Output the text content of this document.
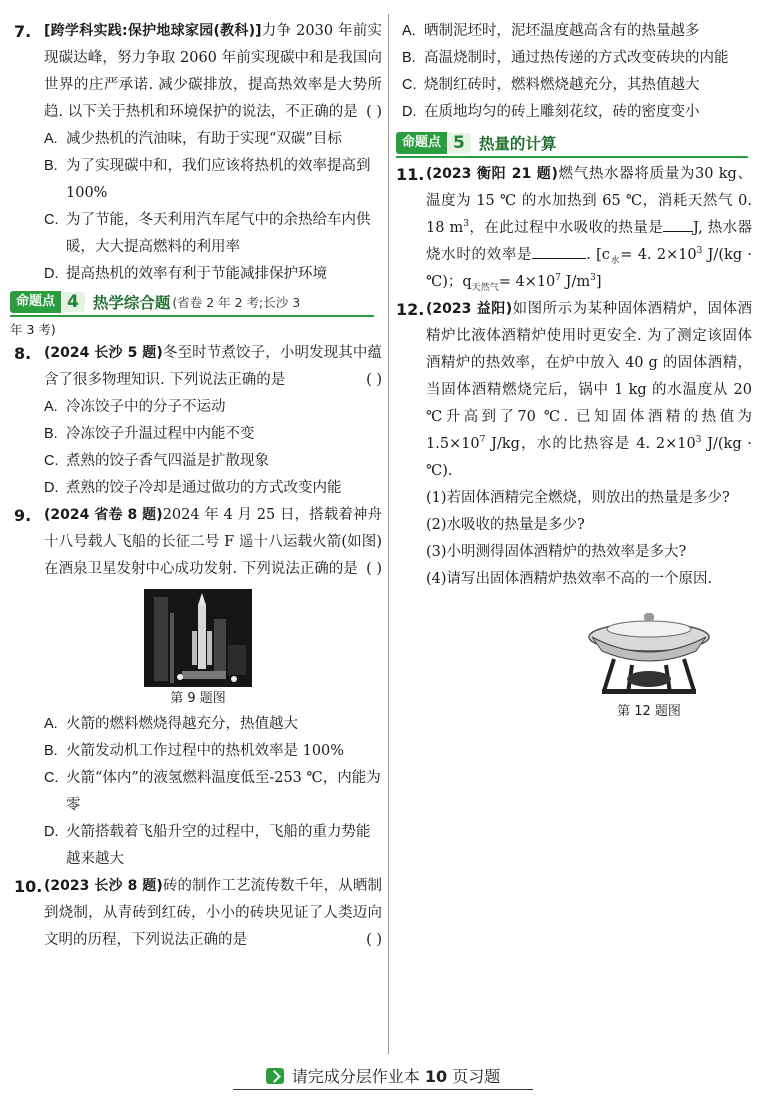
7. [跨学科实践:保护地球家园(教科)]力争 2030 年前实现碳达峰，努力争取 2060 年前实现碳中和是我国向世界的庄严承诺. 减少碳排放，提高热效率是大势所趋. 以下关于热机和环境保护的说法，不正确的是 ( )
A. 减少热机的汽油味，有助于实现“双碳”目标
B. 为了实现碳中和，我们应该将热机的效率提高到 100%
C. 为了节能，冬天利用汽车尾气中的余热给车内供暖，大大提高燃料的利用率
D. 提高热机的效率有利于节能减排保护环境
命题点 4 热学综合题 (省卷 2 年 2 考;长沙 3
年 3 考)
8. (2024 长沙 5 题)冬至时节煮饺子，小明发现其中蕴含了很多物理知识. 下列说法正确的是	( )
A. 冷冻饺子中的分子不运动
B. 冷冻饺子升温过程中内能不变
C. 煮熟的饺子香气四溢是扩散现象
D. 煮熟的饺子冷却是通过做功的方式改变内能
9. (2024 省卷 8 题)2024 年 4 月 25 日，搭载着神舟十八号载人飞船的长征二号 F 遥十八运载火箭(如图)在酒泉卫星发射中心成功发射. 下列说法正确的是 ( )
第 9 题图
A. 火箭的燃料燃烧得越充分，热值越大
B. 火箭发动机工作过程中的热机效率是 100%
C. 火箭“体内”的液氢燃料温度低至-253 ℃，内能为零
D. 火箭搭载着飞船升空的过程中，飞船的重力势能越来越大
10. (2023 长沙 8 题)砖的制作工艺流传数千年，从晒制到烧制，从青砖到红砖，小小的砖块见证了人类迈向文明的历程，下列说法正确的是	( )
A. 晒制泥坯时，泥坯温度越高含有的热量越多
B. 高温烧制时，通过热传递的方式改变砖块的内能
C. 烧制红砖时，燃料燃烧越充分，其热值越大
D. 在质地均匀的砖上雕刻花纹，砖的密度变小
命题点 5 热量的计算
11. (2023 衡阳 21 题)燃气热水器将质量为30 kg、温度为 15 ℃ 的水加热到 65 ℃，消耗天然气 0. 18 $m^3$，在此过程中水吸收的热量是 J, 热水器烧水时的效率是	. [$c_水= 4$. $2\times 10^3$ J/(kg · ℃)；$q_{天然气}= 4\times 10^7$ $J/m^3$]
12. (2023 益阳)如图所示为某种固体酒精炉，固体酒精炉比液体酒精炉使用时更安全. 为了测定该固体酒精炉的热效率，在炉中放入 40 g 的固体酒精，当固体酒精燃烧完后，锅中 1 kg 的水温度从 20 ℃升高到了70 ℃. 已知固体酒精的热值为 $1.5\times 10^7$ J/kg，水的比热容是 4. $2\times 10^3$ J/(kg · ℃).
(1)若固体酒精完全燃烧，则放出的热量是多少?
(2)水吸收的热量是多少?
(3)小明测得固体酒精炉的热效率是多大?
(4)请写出固体酒精炉热效率不高的一个原因.
第 12 题图
请完成分层作业本 10 页习题
